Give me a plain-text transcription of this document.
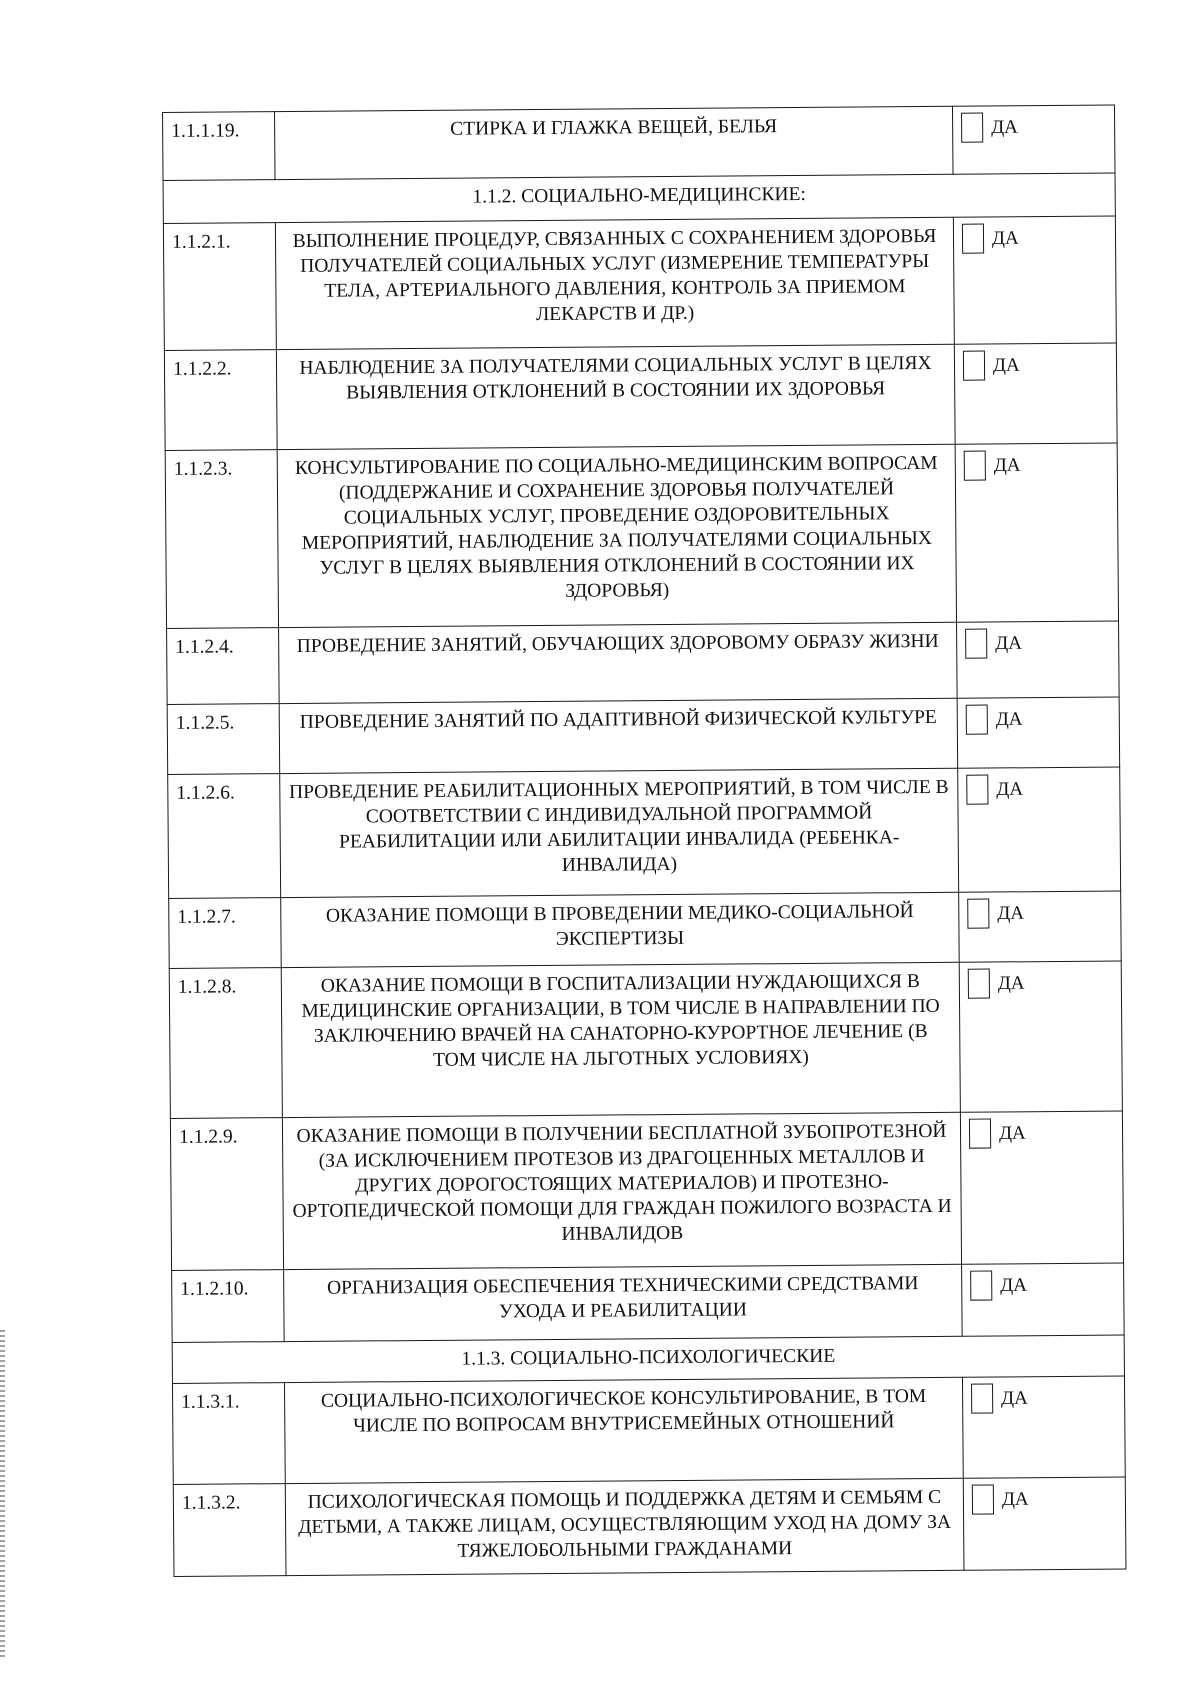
1.1.1.19.	СТИРКА И ГЛАЖКА ВЕЩЕЙ, БЕЛЬЯ	ДА
1.1.2. СОЦИАЛЬНО-МЕДИЦИНСКИЕ:		
1.1.2.1.	ВЫПОЛНЕНИЕ ПРОЦЕДУР, СВЯЗАННЫХ С СОХРАНЕНИЕМ ЗДОРОВЬЯ ПОЛУЧАТЕЛЕЙ СОЦИАЛЬНЫХ УСЛУГ (ИЗМЕРЕНИЕ ТЕМПЕРАТУРЫ ТЕЛА, АРТЕРИАЛЬНОГО ДАВЛЕНИЯ, КОНТРОЛЬ ЗА ПРИЕМОМ ЛЕКАРСТВ И ДР.)	ДА
1.1.2.2.	НАБЛЮДЕНИЕ ЗА ПОЛУЧАТЕЛЯМИ СОЦИАЛЬНЫХ УСЛУГ В ЦЕЛЯХ ВЫЯВЛЕНИЯ ОТКЛОНЕНИЙ В СОСТОЯНИИ ИХ ЗДОРОВЬЯ	ДА
1.1.2.3.	КОНСУЛЬТИРОВАНИЕ ПО СОЦИАЛЬНО-МЕДИЦИНСКИМ ВОПРОСАМ (ПОДДЕРЖАНИЕ И СОХРАНЕНИЕ ЗДОРОВЬЯ ПОЛУЧАТЕЛЕЙ СОЦИАЛЬНЫХ УСЛУГ, ПРОВЕДЕНИЕ ОЗДОРОВИТЕЛЬНЫХ МЕРОПРИЯТИЙ, НАБЛЮДЕНИЕ ЗА ПОЛУЧАТЕЛЯМИ СОЦИАЛЬНЫХ УСЛУГ В ЦЕЛЯХ ВЫЯВЛЕНИЯ ОТКЛОНЕНИЙ В СОСТОЯНИИ ИХ ЗДОРОВЬЯ)	ДА
1.1.2.4.	ПРОВЕДЕНИЕ ЗАНЯТИЙ, ОБУЧАЮЩИХ ЗДОРОВОМУ ОБРАЗУ ЖИЗНИ	ДА
1.1.2.5.	ПРОВЕДЕНИЕ ЗАНЯТИЙ ПО АДАПТИВНОЙ ФИЗИЧЕСКОЙ КУЛЬТУРЕ	ДА
1.1.2.6.	ПРОВЕДЕНИЕ РЕАБИЛИТАЦИОННЫХ МЕРОПРИЯТИЙ, В ТОМ ЧИСЛЕ В СООТВЕТСТВИИ С ИНДИВИДУАЛЬНОЙ ПРОГРАММОЙ РЕАБИЛИТАЦИИ ИЛИ АБИЛИТАЦИИ ИНВАЛИДА (РЕБЕНКА-ИНВАЛИДА)	ДА
1.1.2.7.	ОКАЗАНИЕ ПОМОЩИ В ПРОВЕДЕНИИ МЕДИКО-СОЦИАЛЬНОЙ ЭКСПЕРТИЗЫ	ДА
1.1.2.8.	ОКАЗАНИЕ ПОМОЩИ В ГОСПИТАЛИЗАЦИИ НУЖДАЮЩИХСЯ В МЕДИЦИНСКИЕ ОРГАНИЗАЦИИ, В ТОМ ЧИСЛЕ В НАПРАВЛЕНИИ ПО ЗАКЛЮЧЕНИЮ ВРАЧЕЙ НА САНАТОРНО-КУРОРТНОЕ ЛЕЧЕНИЕ (В ТОМ ЧИСЛЕ НА ЛЬГОТНЫХ УСЛОВИЯХ)	ДА
1.1.2.9.	ОКАЗАНИЕ ПОМОЩИ В ПОЛУЧЕНИИ БЕСПЛАТНОЙ ЗУБОПРОТЕЗНОЙ (ЗА ИСКЛЮЧЕНИЕМ ПРОТЕЗОВ ИЗ ДРАГОЦЕННЫХ МЕТАЛЛОВ И ДРУГИХ ДОРОГОСТОЯЩИХ МАТЕРИАЛОВ) И ПРОТЕЗНО-ОРТОПЕДИЧЕСКОЙ ПОМОЩИ ДЛЯ ГРАЖДАН ПОЖИЛОГО ВОЗРАСТА И ИНВАЛИДОВ	ДА
1.1.2.10.	ОРГАНИЗАЦИЯ ОБЕСПЕЧЕНИЯ ТЕХНИЧЕСКИМИ СРЕДСТВАМИ УХОДА И РЕАБИЛИТАЦИИ	ДА
1.1.3. СОЦИАЛЬНО-ПСИХОЛОГИЧЕСКИЕ		
1.1.3.1.	СОЦИАЛЬНО-ПСИХОЛОГИЧЕСКОЕ КОНСУЛЬТИРОВАНИЕ, В ТОМ ЧИСЛЕ ПО ВОПРОСАМ ВНУТРИСЕМЕЙНЫХ ОТНОШЕНИЙ	ДА
1.1.3.2.	ПСИХОЛОГИЧЕСКАЯ ПОМОЩЬ И ПОДДЕРЖКА ДЕТЯМ И СЕМЬЯМ С ДЕТЬМИ, А ТАКЖЕ ЛИЦАМ, ОСУЩЕСТВЛЯЮЩИМ УХОД НА ДОМУ ЗА ТЯЖЕЛОБОЛЬНЫМИ ГРАЖДАНАМИ	ДА
